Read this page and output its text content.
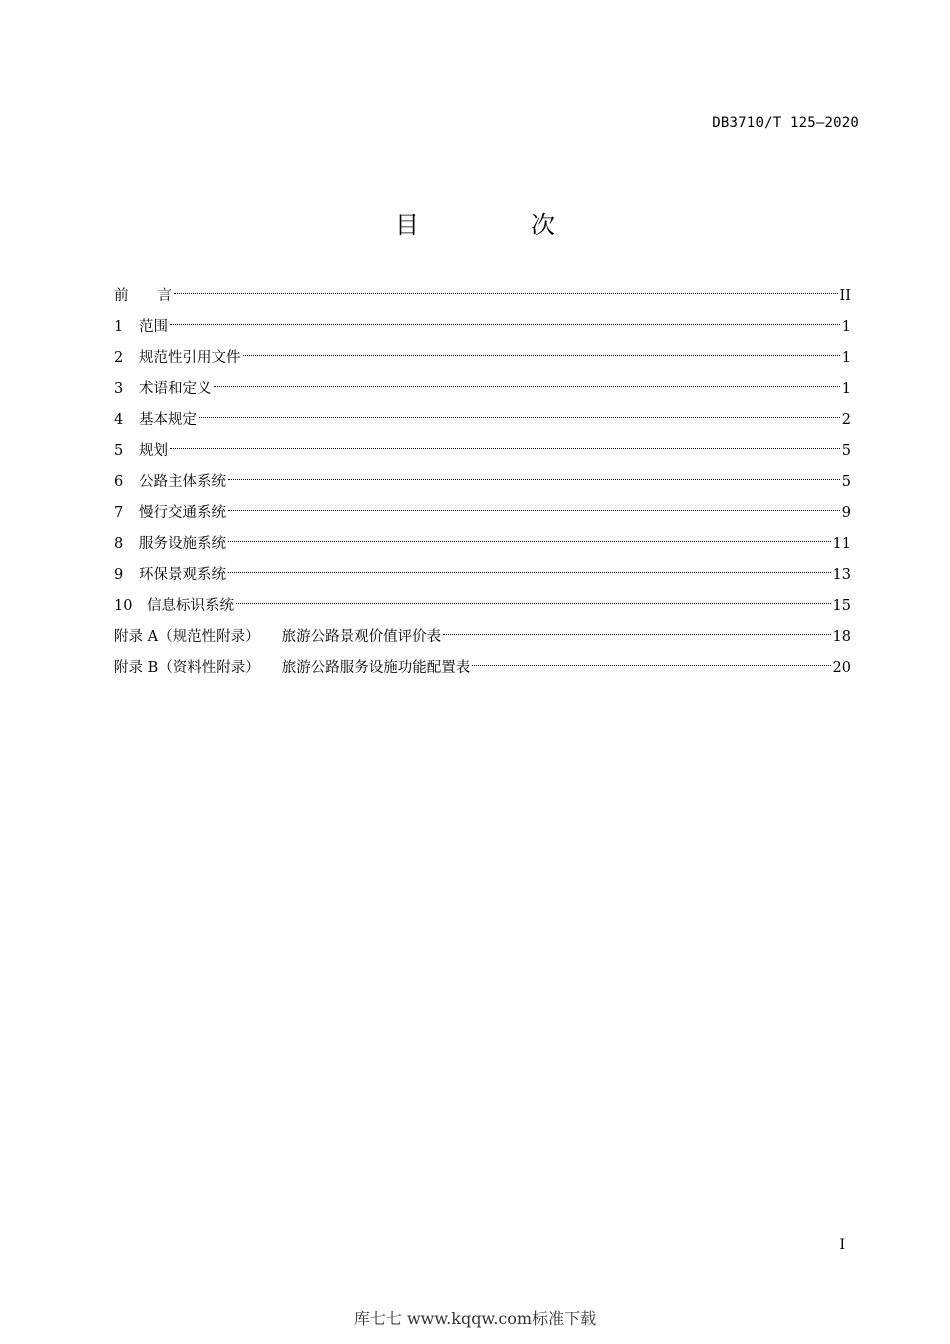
DB3710/T 125—2020
目　次
前　　言	II
1	范围	1
2	规范性引用文件	1
3	术语和定义	1
4	基本规定	2
5	规划	5
6	公路主体系统	5
7	慢行交通系统	9
8	服务设施系统	11
9	环保景观系统	13
10	信息标识系统	15
附录 A（规范性附录） 旅游公路景观价值评价表	18
附录 B（资料性附录） 旅游公路服务设施功能配置表	20
I
库七七 www.kqqw.com标准下载
